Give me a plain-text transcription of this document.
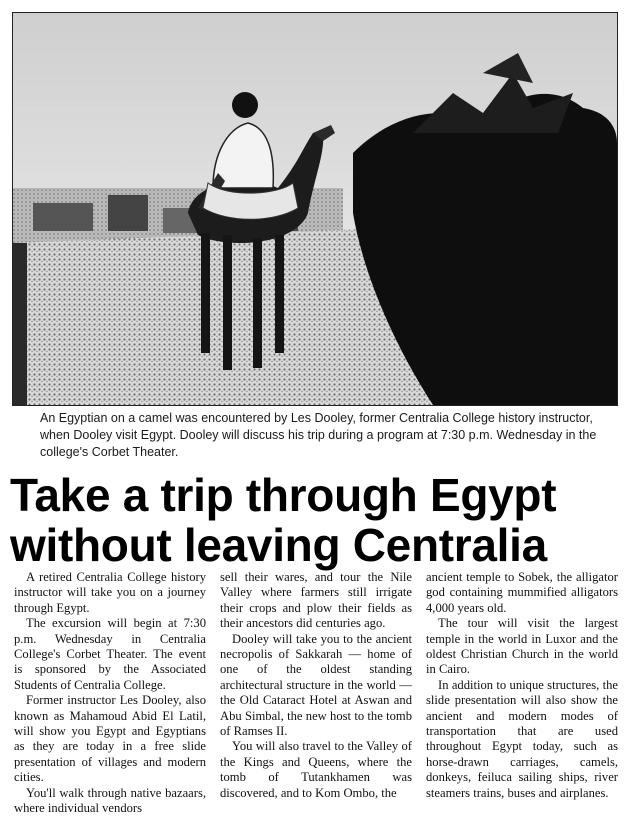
An Egyptian on a camel was encountered by Les Dooley, former Centralia College history instructor, when Dooley visit Egypt. Dooley will discuss his trip during a program at 7:30 p.m. Wednesday in the college's Corbet Theater.
Take a trip through Egypt
without leaving Centralia

A retired Centralia College history instructor will take you on a journey through Egypt.

The excursion will begin at 7:30 p.m. Wednesday in Centralia College's Corbet Theater. The event is sponsored by the Associated Students of Centralia College.

Former instructor Les Dooley, also known as Mahamoud Abid El Latil, will show you Egypt and Egyptians as they are today in a free slide presentation of villages and modern cities.

You'll walk through native bazaars, where individual vendors

sell their wares, and tour the Nile Valley where farmers still irrigate their crops and plow their fields as their ancestors did centuries ago.

Dooley will take you to the ancient necropolis of Sakkarah — home of one of the oldest standing architectural structure in the world — the Old Cataract Hotel at Aswan and Abu Simbal, the new host to the tomb of Ramses II.

You will also travel to the Valley of the Kings and Queens, where the tomb of Tutankhamen was discovered, and to Kom Ombo, the

ancient temple to Sobek, the alligator god containing mummified alligators 4,000 years old.

The tour will visit the largest temple in the world in Luxor and the oldest Christian Church in the world in Cairo.

In addition to unique structures, the slide presentation will also show the ancient and modern modes of transportation that are used throughout Egypt today, such as horse-drawn carriages, camels, donkeys, feiluca sailing ships, river steamers trains, buses and airplanes.
